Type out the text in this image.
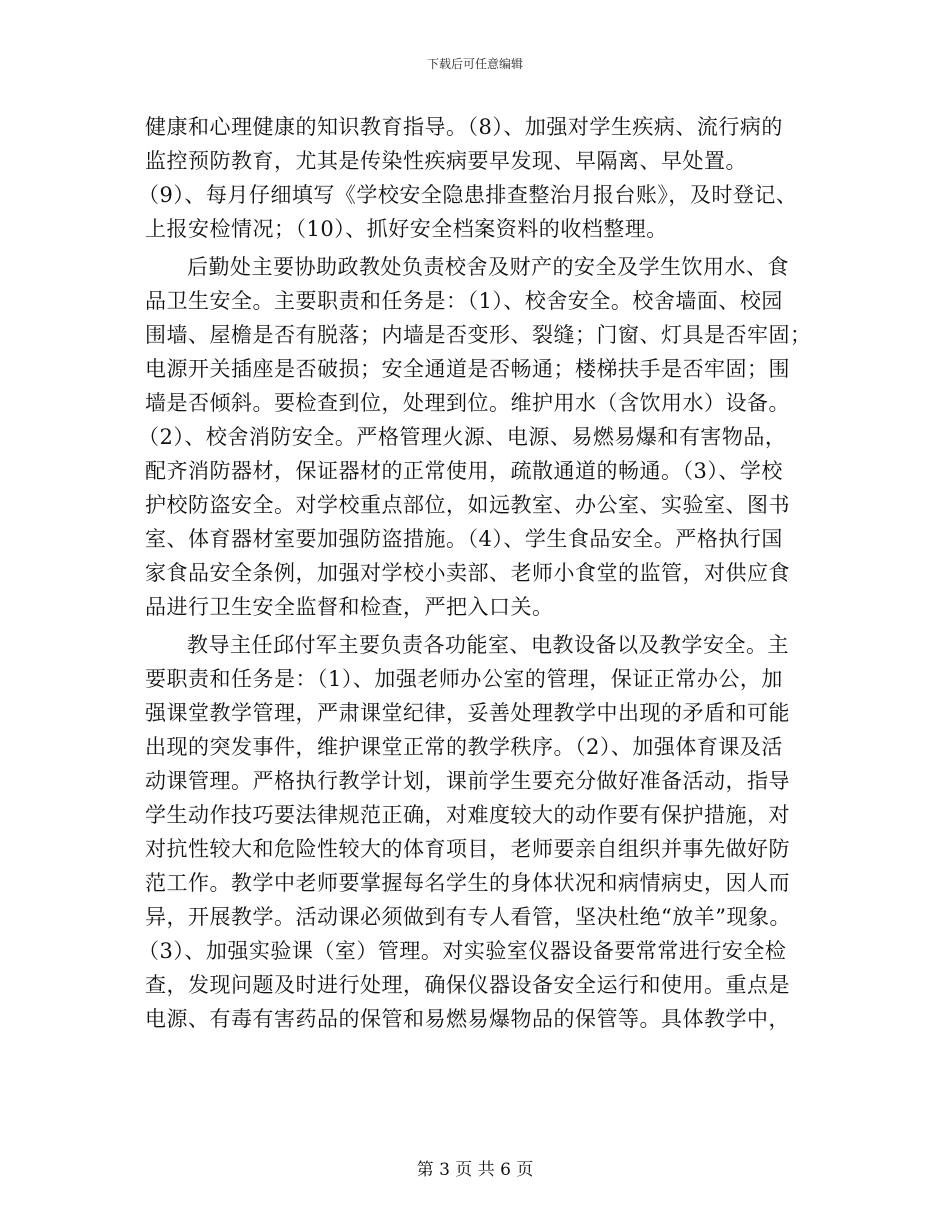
下载后可任意编辑
健康和心理健康的知识教育指导。（8）、加强对学生疾病、流行病的
监控预防教育，尤其是传染性疾病要早发现、早隔离、早处置。
（9）、每月仔细填写《学校安全隐患排查整治月报台账》，及时登记、
上报安检情况；（10）、抓好安全档案资料的收档整理。
后勤处主要协助政教处负责校舍及财产的安全及学生饮用水、食
品卫生安全。主要职责和任务是：（1）、校舍安全。校舍墙面、校园
围墙、屋檐是否有脱落；内墙是否变形、裂缝；门窗、灯具是否牢固；
电源开关插座是否破损；安全通道是否畅通；楼梯扶手是否牢固；围
墙是否倾斜。要检查到位，处理到位。维护用水（含饮用水）设备。
（2）、校舍消防安全。严格管理火源、电源、易燃易爆和有害物品，
配齐消防器材，保证器材的正常使用，疏散通道的畅通。（3）、学校
护校防盗安全。对学校重点部位，如远教室、办公室、实验室、图书
室、体育器材室要加强防盗措施。（4）、学生食品安全。严格执行国
家食品安全条例，加强对学校小卖部、老师小食堂的监管，对供应食
品进行卫生安全监督和检查，严把入口关。
教导主任邱付军主要负责各功能室、电教设备以及教学安全。主
要职责和任务是：（1）、加强老师办公室的管理，保证正常办公，加
强课堂教学管理，严肃课堂纪律，妥善处理教学中出现的矛盾和可能
出现的突发事件，维护课堂正常的教学秩序。（2）、加强体育课及活
动课管理。严格执行教学计划，课前学生要充分做好准备活动，指导
学生动作技巧要法律规范正确，对难度较大的动作要有保护措施，对
对抗性较大和危险性较大的体育项目，老师要亲自组织并事先做好防
范工作。教学中老师要掌握每名学生的身体状况和病情病史，因人而
异，开展教学。活动课必须做到有专人看管，坚决杜绝“放羊”现象。
（3）、加强实验课（室）管理。对实验室仪器设备要常常进行安全检
查，发现问题及时进行处理，确保仪器设备安全运行和使用。重点是
电源、有毒有害药品的保管和易燃易爆物品的保管等。具体教学中，
第 3 页 共 6 页
